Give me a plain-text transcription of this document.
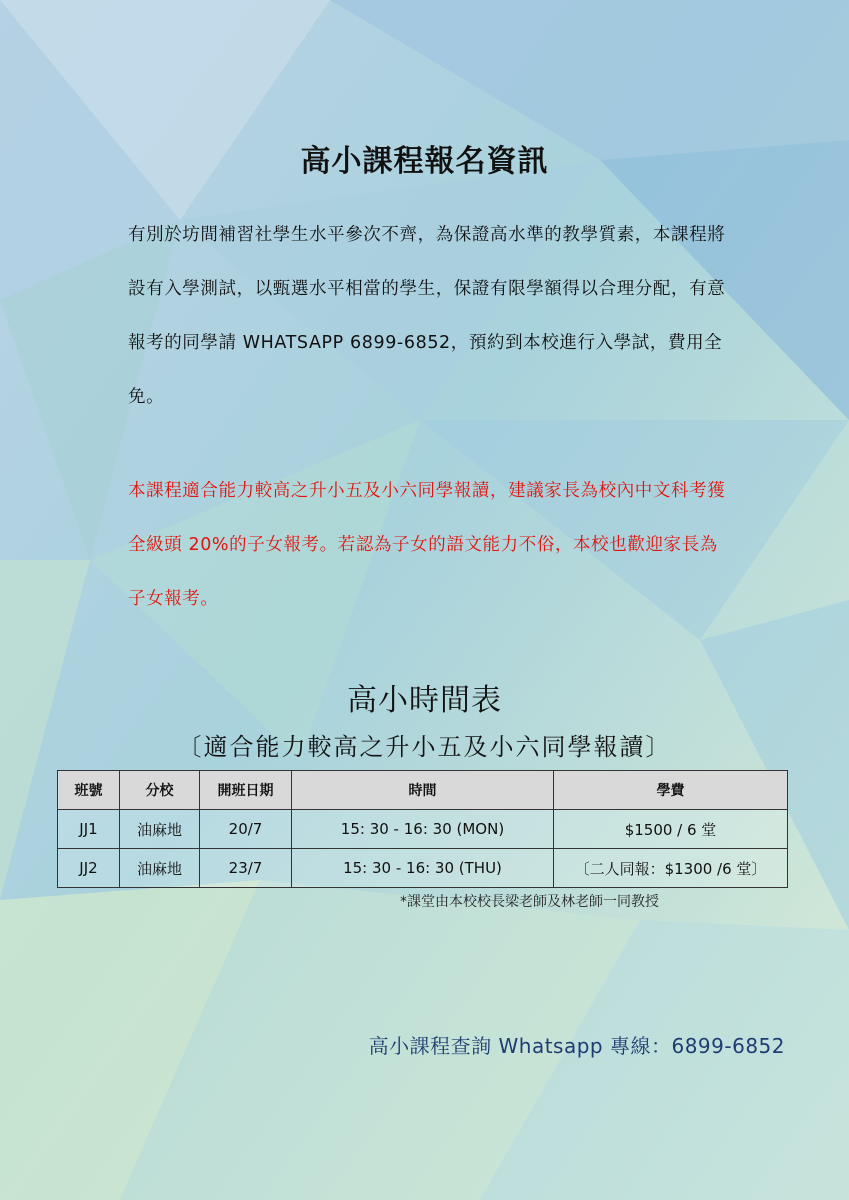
高小課程報名資訊

有別於坊間補習社學生水平參次不齊，為保證高水準的教學質素，本課程將設有入學測試，以甄選水平相當的學生，保證有限學額得以合理分配，有意報考的同學請 WHATSAPP 6899-6852，預約到本校進行入學試，費用全免。

本課程適合能力較高之升小五及小六同學報讀，建議家長為校內中文科考獲全級頭 20%的子女報考。若認為子女的語文能力不俗，本校也歡迎家長為子女報考。

高小時間表

〔適合能力較高之升小五及小六同學報讀〕

班號	分校	開班日期	時間	學費
JJ1	油麻地	20/7	15: 30 - 16: 30 (MON)	$1500 / 6 堂
JJ2	油麻地	23/7	15: 30 - 16: 30 (THU)	〔二人同報：$1300 /6 堂〕

*課堂由本校校長梁老師及林老師一同教授

高小課程查詢 Whatsapp 專線：6899-6852
